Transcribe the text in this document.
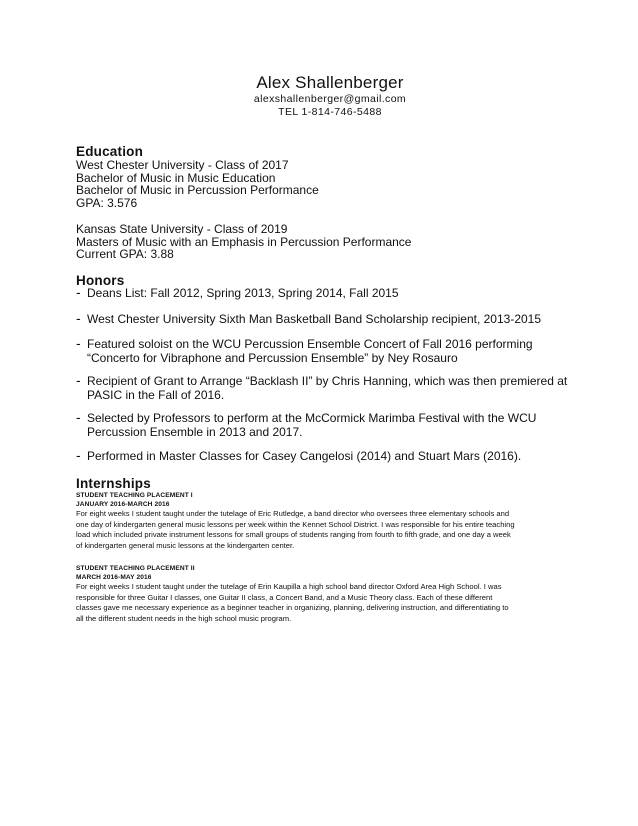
Alex Shallenberger
alexshallenberger@gmail.com
TEL 1-814-746-5488
Education
West Chester University - Class of 2017
Bachelor of Music in Music Education
Bachelor of Music in Percussion Performance
GPA: 3.576
Kansas State University - Class of 2019
Masters of Music with an Emphasis in Percussion Performance
Current GPA: 3.88
Honors
- Deans List: Fall 2012, Spring 2013, Spring 2014, Fall 2015
- West Chester University Sixth Man Basketball Band Scholarship recipient, 2013-2015
- Featured soloist on the WCU Percussion Ensemble Concert of Fall 2016 performing
“Concerto for Vibraphone and Percussion Ensemble” by Ney Rosauro
- Recipient of Grant to Arrange “Backlash II” by Chris Hanning, which was then premiered at
PASIC in the Fall of 2016.
- Selected by Professors to perform at the McCormick Marimba Festival with the WCU
Percussion Ensemble in 2013 and 2017.
- Performed in Master Classes for Casey Cangelosi (2014) and Stuart Mars (2016).
Internships
STUDENT TEACHING PLACEMENT I
JANUARY 2016-MARCH 2016
For eight weeks I student taught under the tutelage of Eric Rutledge, a band director who oversees three elementary schools and
one day of kindergarten general music lessons per week within the Kennet School District. I was responsible for his entire teaching
load which included private instrument lessons for small groups of students ranging from fourth to fifth grade, and one day a week
of kindergarten general music lessons at the kindergarten center.
STUDENT TEACHING PLACEMENT II
MARCH 2016-MAY 2016
For eight weeks I student taught under the tutelage of Erin Kaupilla a high school band director Oxford Area High School. I was
responsible for three Guitar I classes, one Guitar II class, a Concert Band, and a Music Theory class. Each of these different
classes gave me necessary experience as a beginner teacher in organizing, planning, delivering instruction, and differentiating to
all the different student needs in the high school music program.
